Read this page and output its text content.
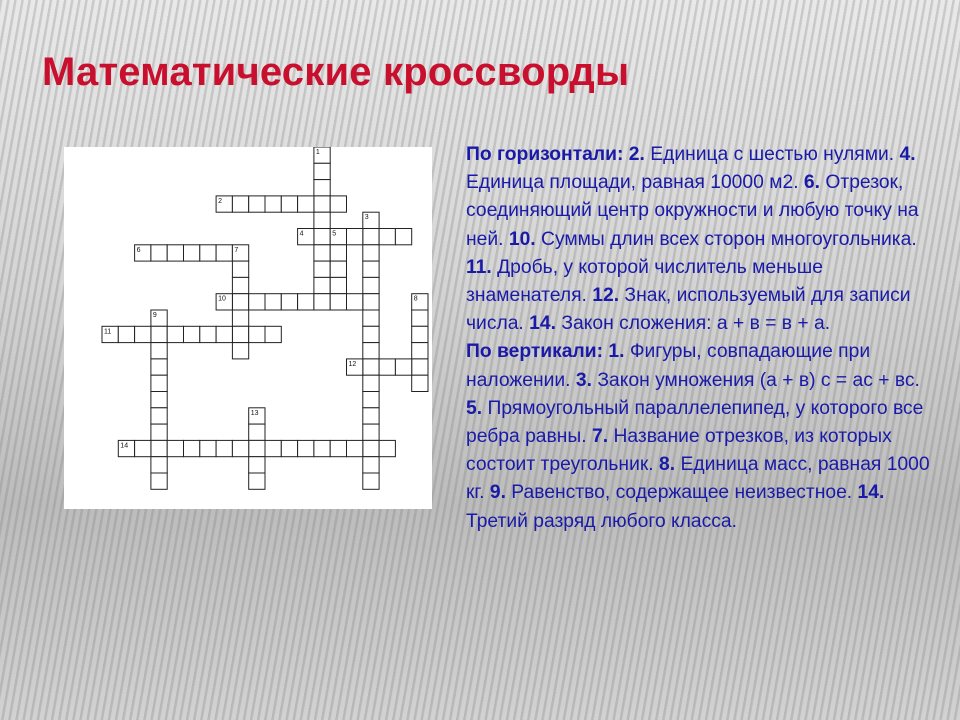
Математические кроссворды
1
2
3
4	5
6	7
8
9
10
11
12
13
14

По горизонтали: 2. Единица с шестью нулями. 4. Единица площади, равная 10000 м2. 6. Отрезок, соединяющий центр окружности и любую точку на ней. 10. Суммы длин всех сторон многоугольника. 11. Дробь, у которой числитель меньше знаменателя. 12. Знак, используемый для записи числа. 14. Закон сложения: а + в = в + а.

По вертикали: 1. Фигуры, совпадающие при наложении. 3. Закон умножения (а + в) с = ас + вс. 5. Прямоугольный параллелепипед, у которого все ребра равны. 7. Название отрезков, из которых состоит треугольник. 8. Единица масс, равная 1000 кг. 9. Равенство, содержащее неизвестное. 14. Третий разряд любого класса.
